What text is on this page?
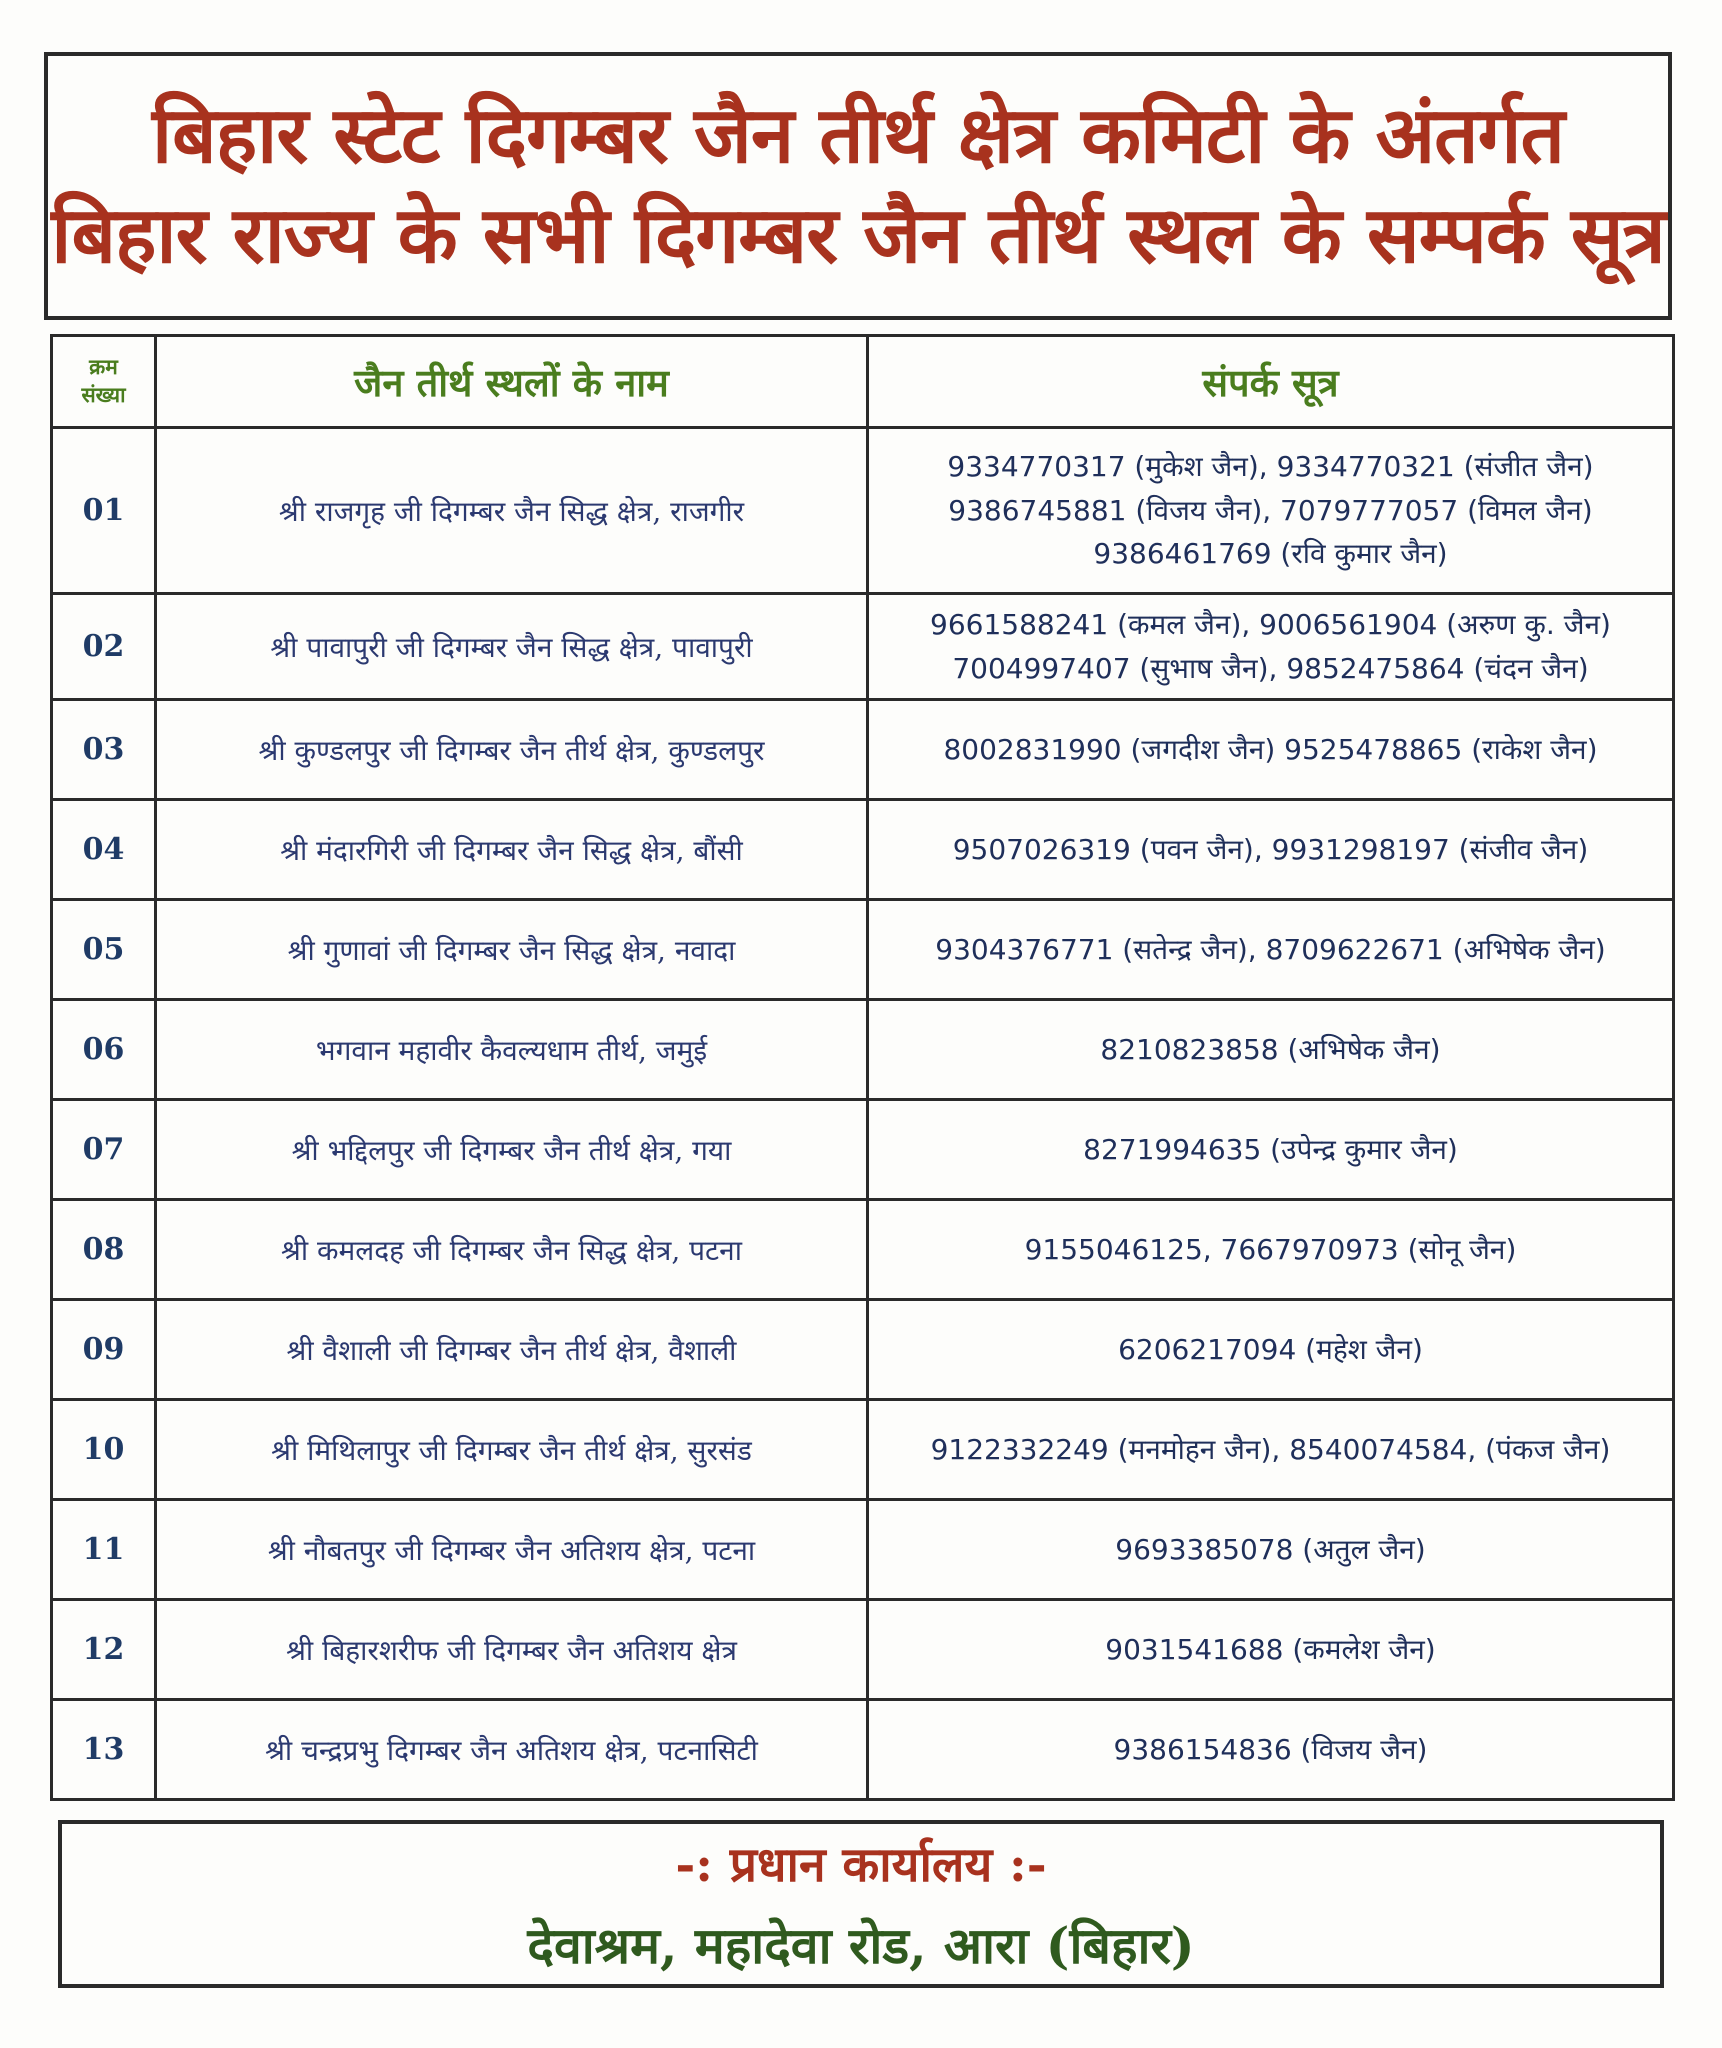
बिहार स्टेट दिगम्बर जैन तीर्थ क्षेत्र कमिटी के अंतर्गत
बिहार राज्य के सभी दिगम्बर जैन तीर्थ स्थल के सम्पर्क सूत्र
क्रम
संख्या	जैन तीर्थ स्थलों के नाम	संपर्क सूत्र
01	श्री राजगृह जी दिगम्बर जैन सिद्ध क्षेत्र, राजगीर	9334770317 (मुकेश जैन), 9334770321 (संजीत जैन)
9386745881 (विजय जैन), 7079777057 (विमल जैन)
9386461769 (रवि कुमार जैन)

02	श्री पावापुरी जी दिगम्बर जैन सिद्ध क्षेत्र, पावापुरी	9661588241 (कमल जैन), 9006561904 (अरुण कु. जैन)
7004997407 (सुभाष जैन), 9852475864 (चंदन जैन)

03	श्री कुण्डलपुर जी दिगम्बर जैन तीर्थ क्षेत्र, कुण्डलपुर	8002831990 (जगदीश जैन) 9525478865 (राकेश जैन)

04	श्री मंदारगिरी जी दिगम्बर जैन सिद्ध क्षेत्र, बौंसी	9507026319 (पवन जैन), 9931298197 (संजीव जैन)

05	श्री गुणावां जी दिगम्बर जैन सिद्ध क्षेत्र, नवादा	9304376771 (सतेन्द्र जैन), 8709622671 (अभिषेक जैन)

06	भगवान महावीर कैवल्यधाम तीर्थ, जमुई	8210823858 (अभिषेक जैन)

07	श्री भद्दिलपुर जी दिगम्बर जैन तीर्थ क्षेत्र, गया	8271994635 (उपेन्द्र कुमार जैन)

08	श्री कमलदह जी दिगम्बर जैन सिद्ध क्षेत्र, पटना	9155046125, 7667970973 (सोनू जैन)

09	श्री वैशाली जी दिगम्बर जैन तीर्थ क्षेत्र, वैशाली	6206217094 (महेश जैन)

10	श्री मिथिलापुर जी दिगम्बर जैन तीर्थ क्षेत्र, सुरसंड	9122332249 (मनमोहन जैन), 8540074584, (पंकज जैन)

11	श्री नौबतपुर जी दिगम्बर जैन अतिशय क्षेत्र, पटना	9693385078 (अतुल जैन)

12	श्री बिहारशरीफ जी दिगम्बर जैन अतिशय क्षेत्र	9031541688 (कमलेश जैन)

13	श्री चन्द्रप्रभु दिगम्बर जैन अतिशय क्षेत्र, पटनासिटी	9386154836 (विजय जैन)
-: प्रधान कार्यालय :-
देवाश्रम, महादेवा रोड, आरा (बिहार)
